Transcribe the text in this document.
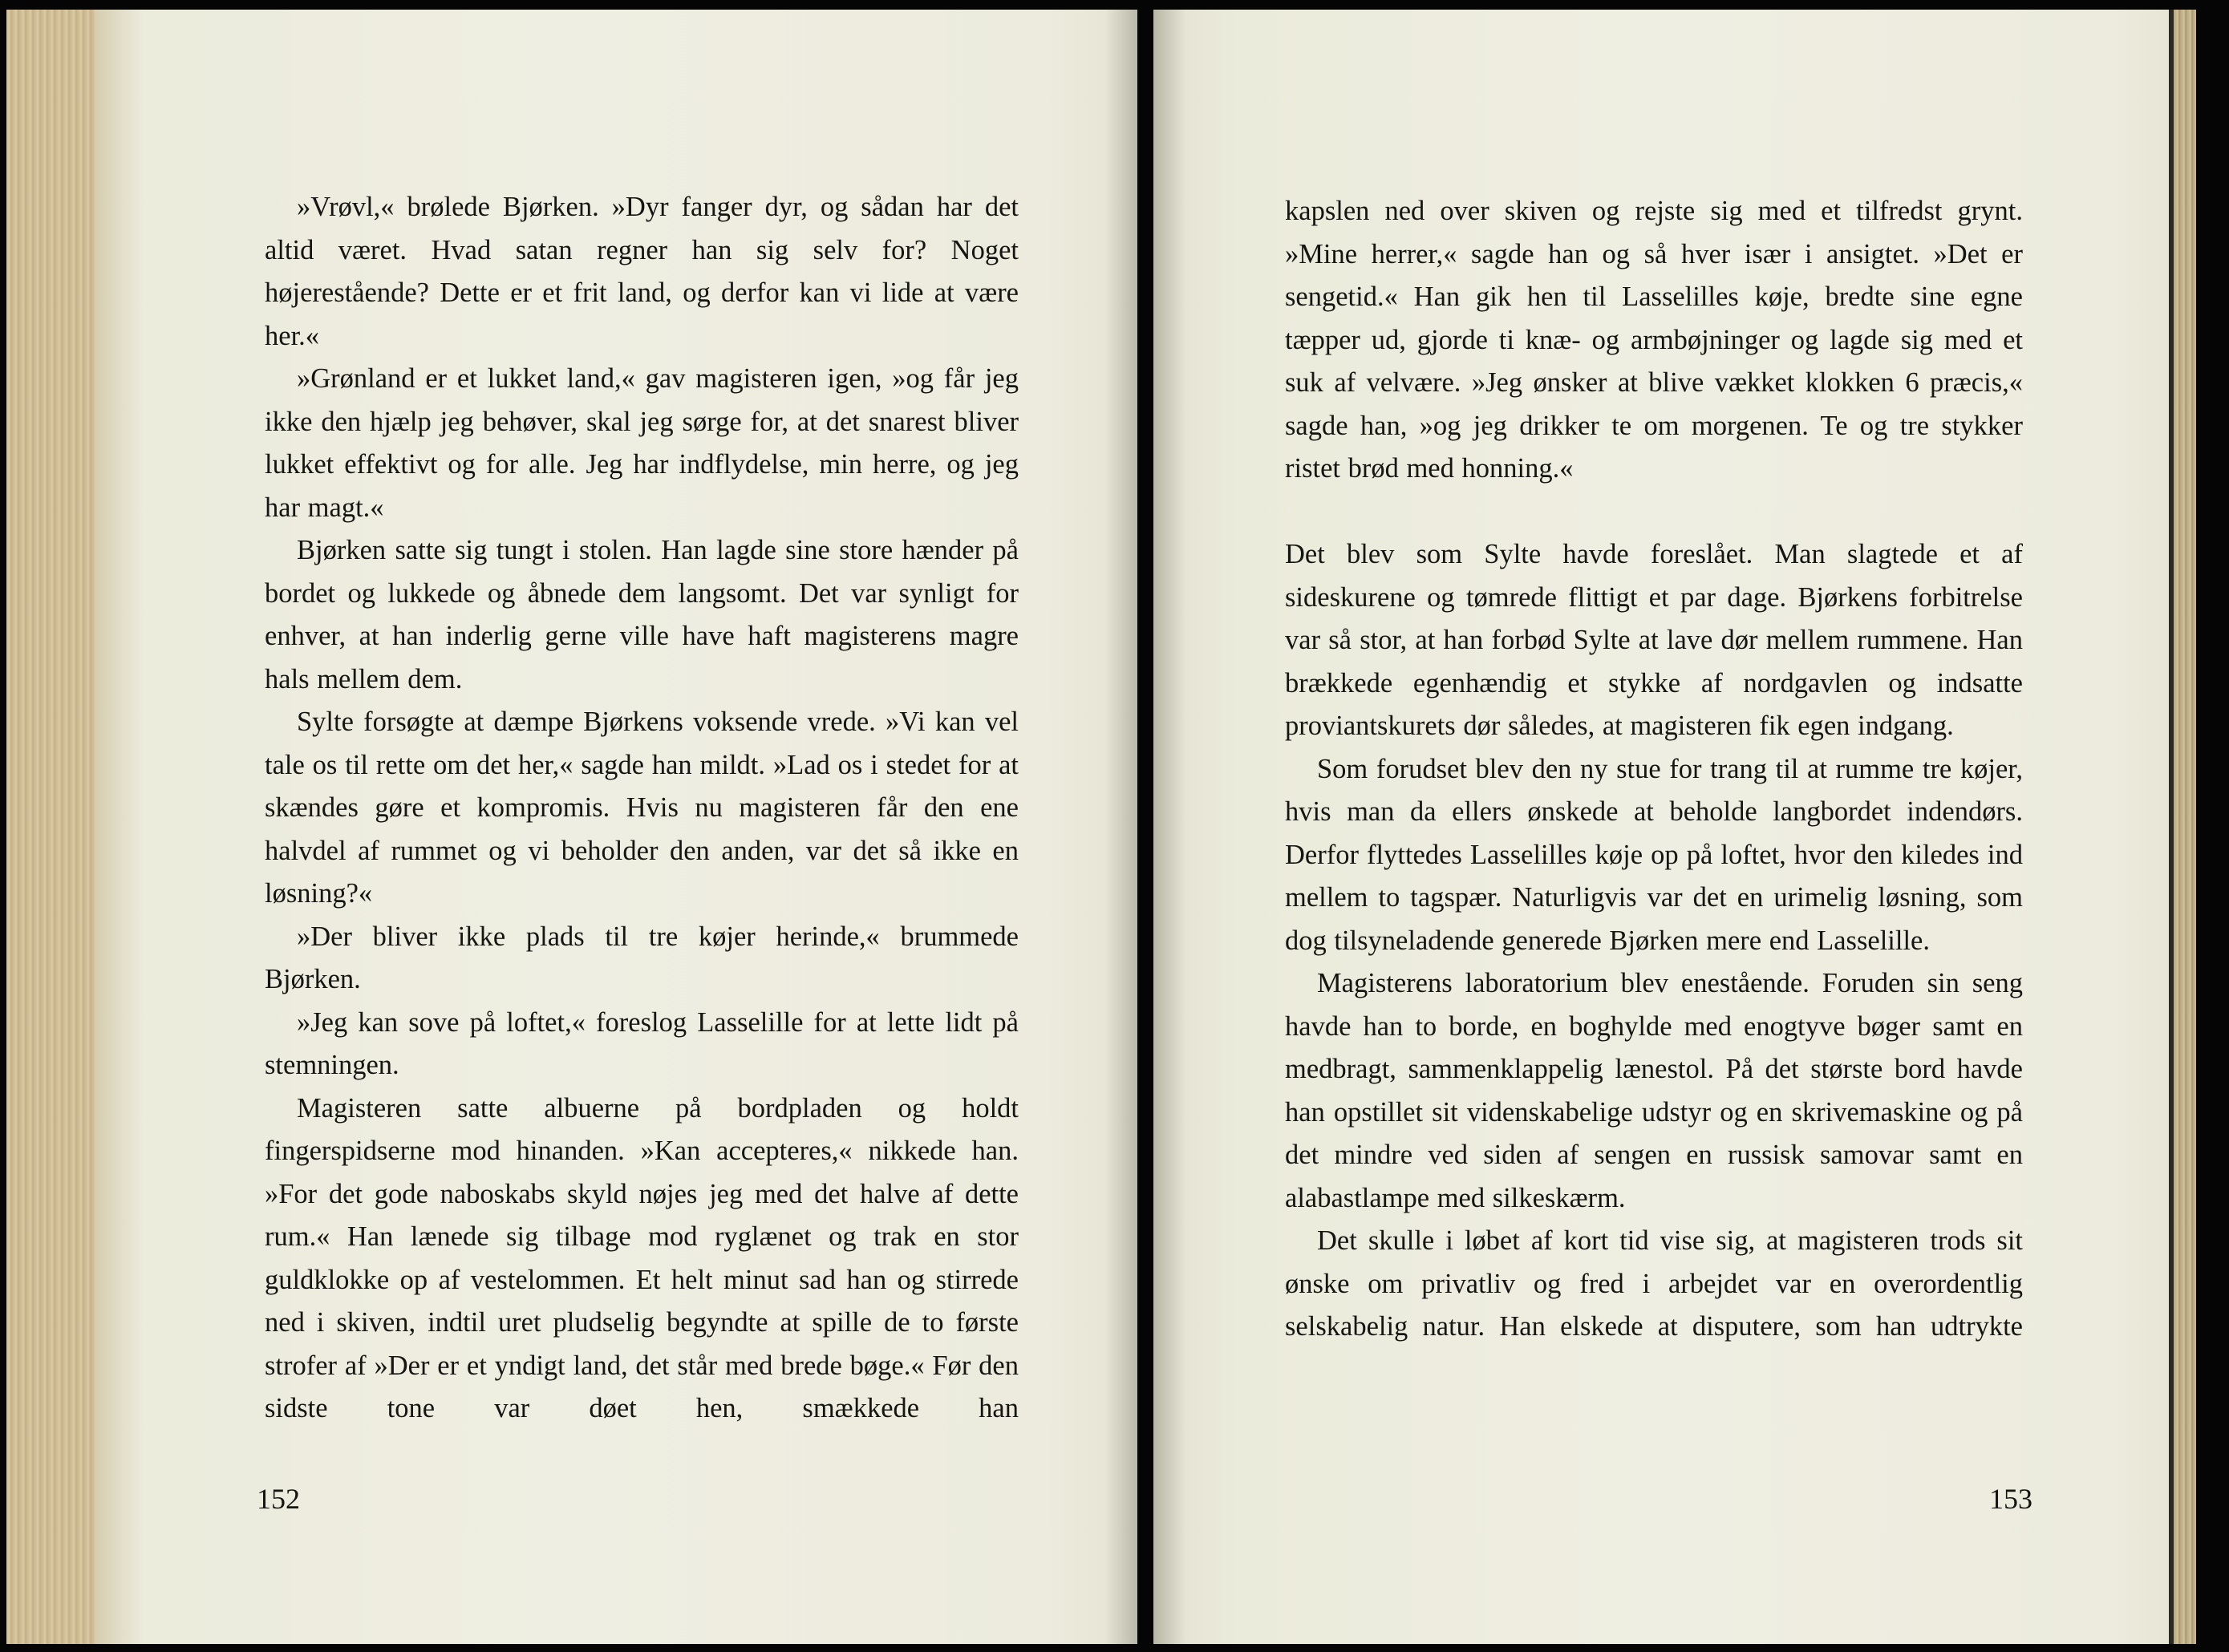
»Vrøvl,« brølede Bjørken. »Dyr fanger dyr, og sådan har det altid været. Hvad satan regner han sig selv for? Noget højerestående? Dette er et frit land, og derfor kan vi lide at være her.«

»Grønland er et lukket land,« gav magisteren igen, »og får jeg ikke den hjælp jeg behøver, skal jeg sørge for, at det snarest bliver lukket effektivt og for alle. Jeg har indflydelse, min herre, og jeg har magt.«

Bjørken satte sig tungt i stolen. Han lagde sine store hænder på bordet og lukkede og åbnede dem langsomt. Det var synligt for enhver, at han inderlig gerne ville have haft magisterens magre hals mellem dem.

Sylte forsøgte at dæmpe Bjørkens voksende vrede. »Vi kan vel tale os til rette om det her,« sagde han mildt. »Lad os i stedet for at skændes gøre et kompromis. Hvis nu magisteren får den ene halvdel af rummet og vi beholder den anden, var det så ikke en løsning?«

»Der bliver ikke plads til tre køjer herinde,« brummede Bjørken.

»Jeg kan sove på loftet,« foreslog Lasselille for at lette lidt på stemningen.

Magisteren satte albuerne på bordpladen og holdt fingerspidserne mod hinanden. »Kan accepteres,« nikkede han. »For det gode naboskabs skyld nøjes jeg med det halve af dette rum.« Han lænede sig tilbage mod ryglænet og trak en stor guldklokke op af vestelommen. Et helt minut sad han og stirrede ned i skiven, indtil uret pludselig begyndte at spille de to første strofer af »Der er et yndigt land, det står med brede bøge.« Før den sidste tone var døet hen, smækkede han

152

kapslen ned over skiven og rejste sig med et tilfredst grynt. »Mine herrer,« sagde han og så hver især i ansigtet. »Det er sengetid.« Han gik hen til Lasselilles køje, bredte sine egne tæpper ud, gjorde ti knæ- og armbøjninger og lagde sig med et suk af velvære. »Jeg ønsker at blive vækket klokken 6 præcis,« sagde han, »og jeg drikker te om morgenen. Te og tre stykker ristet brød med honning.«

Det blev som Sylte havde foreslået. Man slagtede et af sideskurene og tømrede flittigt et par dage. Bjørkens forbitrelse var så stor, at han forbød Sylte at lave dør mellem rummene. Han brækkede egenhændig et stykke af nordgavlen og indsatte proviantskurets dør således, at magisteren fik egen indgang.

Som forudset blev den ny stue for trang til at rumme tre køjer, hvis man da ellers ønskede at beholde langbordet indendørs. Derfor flyttedes Lasselilles køje op på loftet, hvor den kiledes ind mellem to tagspær. Naturligvis var det en urimelig løsning, som dog tilsyneladende generede Bjørken mere end Lasselille.

Magisterens laboratorium blev enestående. Foruden sin seng havde han to borde, en boghylde med enogtyve bøger samt en medbragt, sammenklappelig lænestol. På det største bord havde han opstillet sit videnskabelige udstyr og en skrivemaskine og på det mindre ved siden af sengen en russisk samovar samt en alabastlampe med silkeskærm.

Det skulle i løbet af kort tid vise sig, at magisteren trods sit ønske om privatliv og fred i arbejdet var en overordentlig selskabelig natur. Han elskede at disputere, som han udtrykte

153
